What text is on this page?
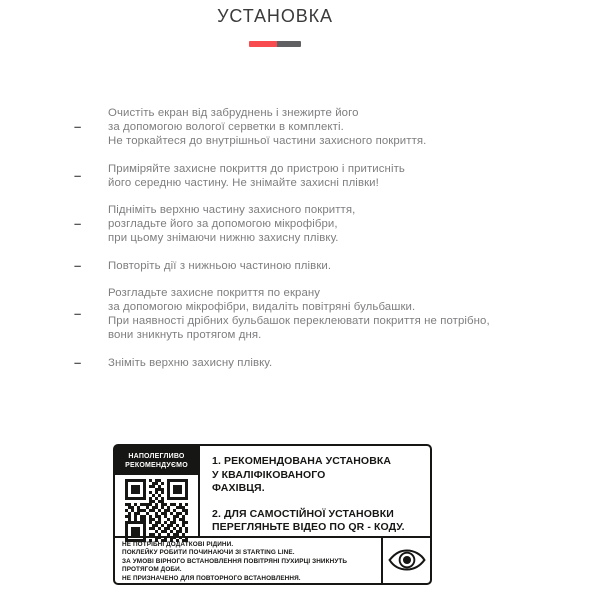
УСТАНОВКА
–
Очистіть екран від забруднень і знежирте його
за допомогою вологої серветки в комплекті.
Не торкайтеся до внутрішньої частини захисного покриття.
–	Приміряйте захисне покриття до пристрою і притисніть
його середню частину. Не знімайте захисні плівки!
–
Підніміть верхню частину захисного покриття,
розгладьте його за допомогою мікрофібри,
при цьому знімаючи нижню захисну плівку.
–	Повторіть дії з нижньою частиною плівки.
–
Розгладьте захисне покриття по екрану
за допомогою мікрофібри, видаліть повітряні бульбашки.
При наявності дрібних бульбашок переклеювати покриття не потрібно,
вони зникнуть протягом дня.
–	Зніміть верхню захисну плівку.
НАПОЛЕГЛИВО
РЕКОМЕНДУЄМО	1. РЕКОМЕНДОВАНА УСТАНОВКА
У КВАЛІФІКОВАНОГО
ФАХІВЦЯ.
2. ДЛЯ САМОСТІЙНОЇ УСТАНОВКИ
ПЕРЕГЛЯНЬТЕ ВІДЕО ПО QR - КОДУ.
НЕ ПОТРІБНІ ДОДАТКОВІ РІДИНИ.
ПОКЛЕЙКУ РОБИТИ ПОЧИНАЮЧИ ЗІ STARTING LINE.
ЗА УМОВІ ВІРНОГО ВСТАНОВЛЕННЯ ПОВІТРЯНІ ПУХИРЦІ ЗНИКНУТЬ ПРОТЯГОМ ДОБИ.
НЕ ПРИЗНАЧЕНО ДЛЯ ПОВТОРНОГО ВСТАНОВЛЕННЯ.
